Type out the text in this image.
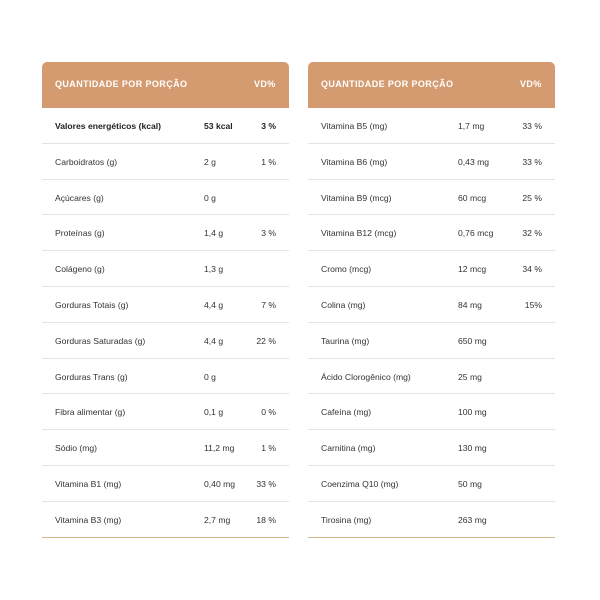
QUANTIDADE POR PORÇÃO	VD%
Valores energéticos (kcal)	53 kcal	3 %
Carboidratos (g)	2 g	1 %
Açúcares (g)	0 g
Proteínas (g)	1,4 g	3 %
Colágeno (g)	1,3 g
Gorduras Totais (g)	4,4 g	7 %
Gorduras Saturadas (g)	4,4 g	22 %
Gorduras Trans (g)	0 g
Fibra alimentar (g)	0,1 g	0 %
Sódio (mg)	11,2 mg	1 %
Vitamina B1 (mg)	0,40 mg 33 %
Vitamina B3 (mg)	2,7 mg	18 %
QUANTIDADE POR PORÇÃO	VD%
Vitamina B5 (mg)	1,7 mg	33 %
Vitamina B6 (mg)	0,43 mg	33 %
Vitamina B9 (mcg)	60 mcg	25 %
Vitamina B12 (mcg)	0,76 mcg	32 %
Cromo (mcg)	12 mcg	34 %
Colina (mg)	84 mg	15%
Taurina (mg)	650 mg
Ácido Clorogênico (mg)	25 mg
Cafeína (mg)	100 mg
Carnitina (mg)	130 mg
Coenzima Q10 (mg)	50 mg
Tirosina (mg)	263 mg
